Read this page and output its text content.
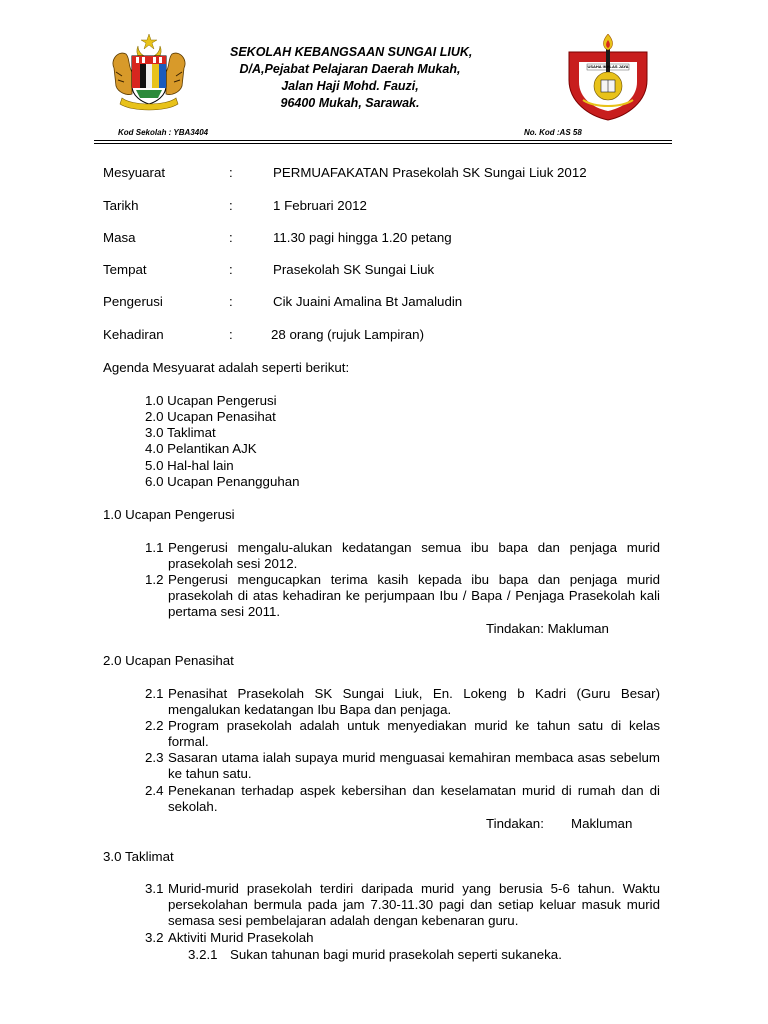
SEKOLAH KEBANGSAAN SUNGAI LIUK,
D/A,Pejabat Pelajaran Daerah Mukah,
Jalan Haji Mohd. Fauzi,
96400 Mukah, Sarawak.
USAHA IKHLAS JAYA
Kod Sekolah : YBA3404	No. Kod :AS 58
Mesyuarat	:	PERMUAFAKATAN Prasekolah SK Sungai Liuk 2012
Tarikh	:	1 Februari 2012
Masa	:	11.30 pagi hingga 1.20 petang
Tempat	:	Prasekolah SK Sungai Liuk
Pengerusi	:	Cik Juaini Amalina Bt Jamaludin
Kehadiran	:	28 orang (rujuk Lampiran)
Agenda Mesyuarat adalah seperti berikut:
1.0 Ucapan Pengerusi
2.0 Ucapan Penasihat
3.0 Taklimat
4.0 Pelantikan AJK
5.0 Hal-hal lain
6.0 Ucapan Penangguhan
1.0 Ucapan Pengerusi
1.1 Pengerusi mengalu-alukan kedatangan semua ibu bapa dan penjaga murid prasekolah sesi 2012.
1.2 Pengerusi mengucapkan terima kasih kepada ibu bapa dan penjaga murid prasekolah di atas kehadiran ke perjumpaan Ibu / Bapa / Penjaga Prasekolah kali pertama sesi 2011.
Tindakan: Makluman
2.0 Ucapan Penasihat
2.1 Penasihat Prasekolah SK Sungai Liuk, En. Lokeng b Kadri (Guru Besar) mengalukan kedatangan Ibu Bapa dan penjaga.
2.2 Program prasekolah adalah untuk menyediakan murid ke tahun satu di kelas formal.
2.3 Sasaran utama ialah supaya murid menguasai kemahiran membaca asas sebelum ke tahun satu.
2.4 Penekanan terhadap aspek kebersihan dan keselamatan murid di rumah dan di sekolah.
Tindakan: Makluman
3.0 Taklimat
3.1 Murid-murid prasekolah terdiri daripada murid yang berusia 5-6 tahun. Waktu persekolahan bermula pada jam 7.30-11.30 pagi dan setiap keluar masuk murid semasa sesi pembelajaran adalah dengan kebenaran guru.
3.2 Aktiviti Murid Prasekolah
3.2.1 Sukan tahunan bagi murid prasekolah seperti sukaneka.
